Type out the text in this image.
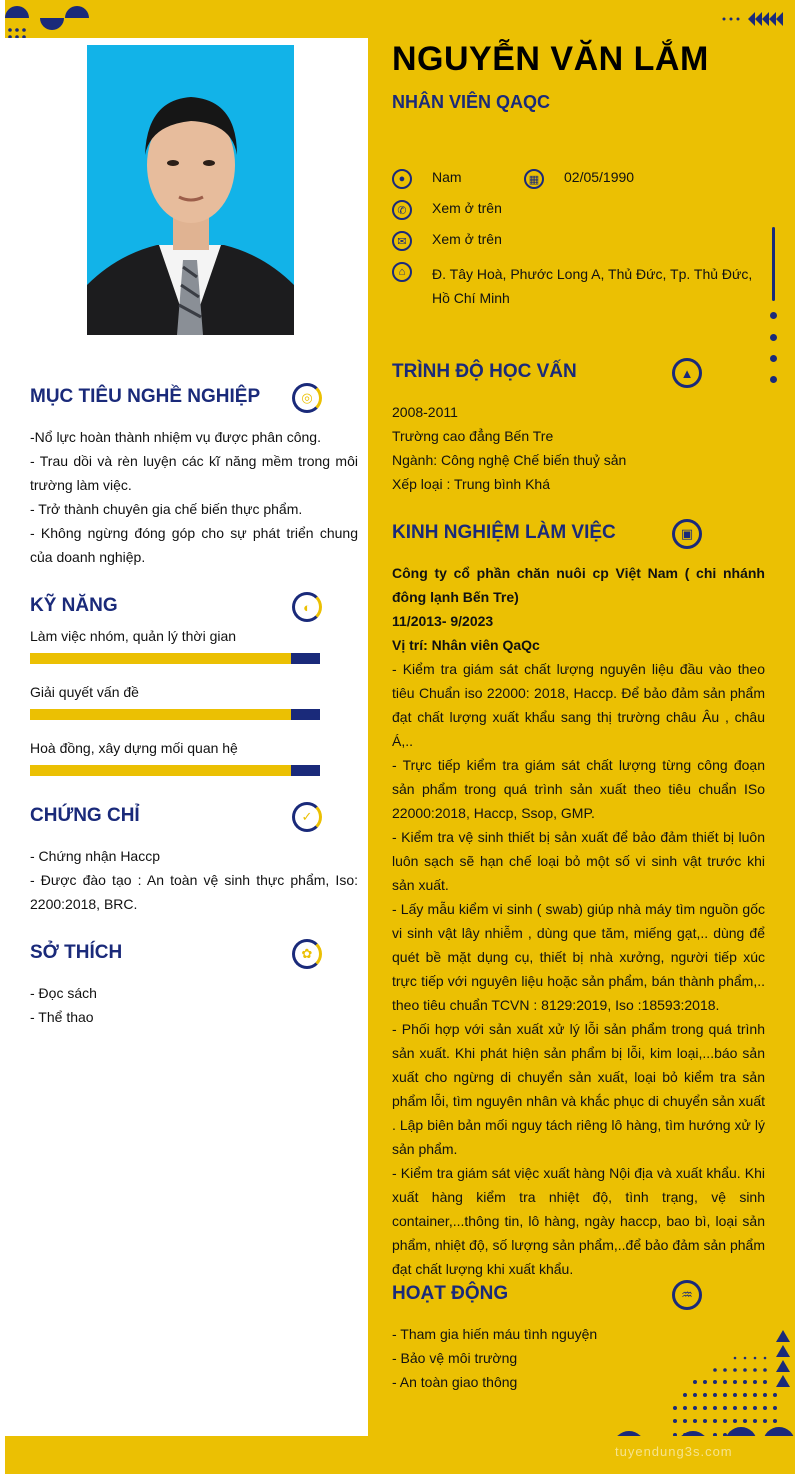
NGUYỄN VĂN LẮM
NHÂN VIÊN QAQC
●	Nam	▦	02/05/1990
✆	Xem ở trên
✉	Xem ở trên
⌂	Đ. Tây Hoà, Phước Long A, Thủ Đức, Tp. Thủ Đức,
Hồ Chí Minh
MỤC TIÊU NGHỀ NGHIỆP	◎
-Nổ lực hoàn thành nhiệm vụ được phân công.
- Trau dồi và rèn luyện các kĩ năng mềm trong môi trường làm việc.
- Trở thành chuyên gia chế biến thực phẩm.
- Không ngừng đóng góp cho sự phát triển chung của doanh nghiệp.
KỸ NĂNG	◐
Làm việc nhóm, quản lý thời gian
Giải quyết vấn đề
Hoà đồng, xây dựng mối quan hệ
CHỨNG CHỈ	✓
- Chứng nhận Haccp
- Được đào tạo : An toàn vệ sinh thực phẩm, Iso: 2200:2018, BRC.
SỞ THÍCH	✿
- Đọc sách
- Thể thao
TRÌNH ĐỘ HỌC VẤN	▲
2008-2011
Trường cao đẳng Bến Tre
Ngành: Công nghệ Chế biến thuỷ sản
Xếp loại : Trung bình Khá
KINH NGHIỆM LÀM VIỆC	▣
Công ty cổ phần chăn nuôi cp Việt Nam ( chi nhánh đông lạnh Bến Tre)
11/2013- 9/2023
Vị trí: Nhân viên QaQc
- Kiểm tra giám sát chất lượng nguyên liệu đầu vào theo tiêu Chuẩn iso 22000: 2018, Haccp. Để bảo đảm sản phẩm đạt chất lượng xuất khẩu sang thị trường châu Âu , châu Á,..
- Trực tiếp kiểm tra giám sát chất lượng từng công đoạn sản phẩm trong quá trình sản xuất theo tiêu chuẩn ISo 22000:2018, Haccp, Ssop, GMP.
- Kiểm tra vệ sinh thiết bị sản xuất để bảo đảm thiết bị luôn luôn sạch sẽ hạn chế loại bỏ một số vi sinh vật trước khi sản xuất.
- Lấy mẫu kiểm vi sinh ( swab) giúp nhà máy tìm nguồn gốc vi sinh vật lây nhiễm , dùng que tăm, miếng gạt,.. dùng để quét bề mặt dụng cụ, thiết bị nhà xưởng, người tiếp xúc trực tiếp với nguyên liệu hoặc sản phẩm, bán thành phẩm,.. theo tiêu chuẩn TCVN : 8129:2019, Iso :18593:2018.
- Phối hợp với sản xuất xử lý lỗi sản phẩm trong quá trình sản xuất. Khi phát hiện sản phẩm bị lỗi, kim loại,...báo sản xuất cho ngừng di chuyển sản xuất, loại bỏ kiểm tra sản phẩm lỗi, tìm nguyên nhân và khắc phục di chuyển sản xuất . Lập biên bản mối nguy tách riêng lô hàng, tìm hướng xử lý sản phẩm.
- Kiểm tra giám sát việc xuất hàng Nội địa và xuất khẩu. Khi xuất hàng kiểm tra nhiệt độ, tình trạng, vệ sinh container,...thông tin, lô hàng, ngày haccp, bao bì, loại sản phẩm, nhiệt độ, số lượng sản phẩm,..để bảo đảm sản phẩm đạt chất lượng khi xuất khẩu.
HOẠT ĐỘNG	♒
- Tham gia hiến máu tình nguyện
- Bảo vệ môi trường
- An toàn giao thông
tuyendung3s.com
